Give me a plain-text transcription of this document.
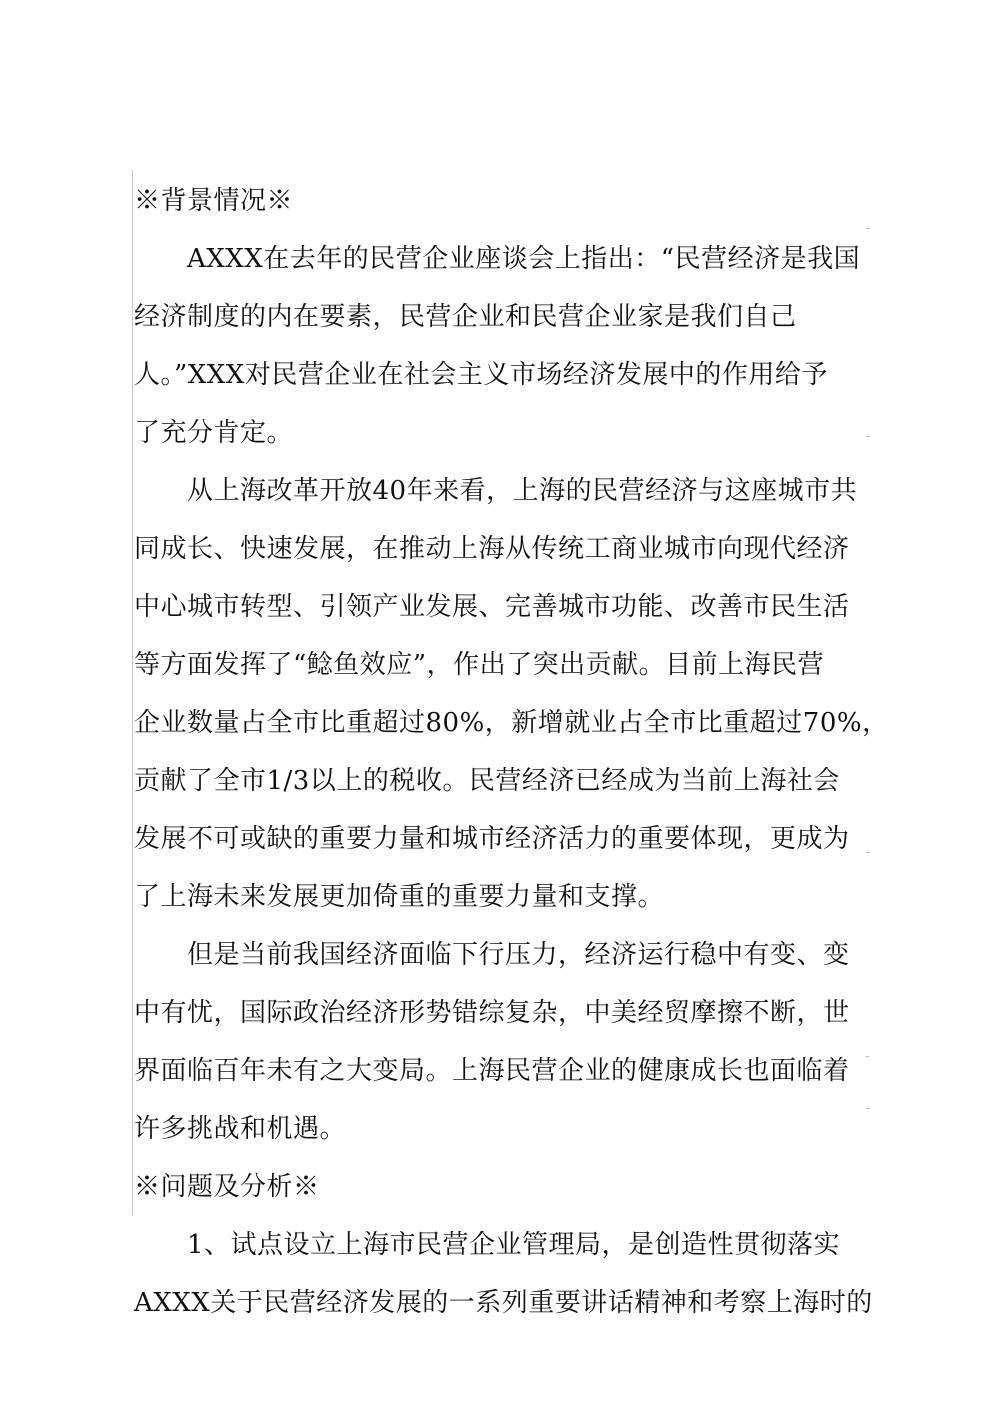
※背景情况※
　　AXXX在去年的民营企业座谈会上指出：“民营经济是我国
经济制度的内在要素，民营企业和民营企业家是我们自己
人。”XXX对民营企业在社会主义市场经济发展中的作用给予
了充分肯定。
　　从上海改革开放40年来看，上海的民营经济与这座城市共
同成长、快速发展，在推动上海从传统工商业城市向现代经济
中心城市转型、引领产业发展、完善城市功能、改善市民生活
等方面发挥了“鲶鱼效应”，作出了突出贡献。目前上海民营
企业数量占全市比重超过80%，新增就业占全市比重超过70%，
贡献了全市1/3以上的税收。民营经济已经成为当前上海社会
发展不可或缺的重要力量和城市经济活力的重要体现，更成为
了上海未来发展更加倚重的重要力量和支撑。
　　但是当前我国经济面临下行压力，经济运行稳中有变、变
中有忧，国际政治经济形势错综复杂，中美经贸摩擦不断，世
界面临百年未有之大变局。上海民营企业的健康成长也面临着
许多挑战和机遇。
※问题及分析※
　　1、试点设立上海市民营企业管理局，是创造性贯彻落实
AXXX关于民营经济发展的一系列重要讲话精神和考察上海时的
